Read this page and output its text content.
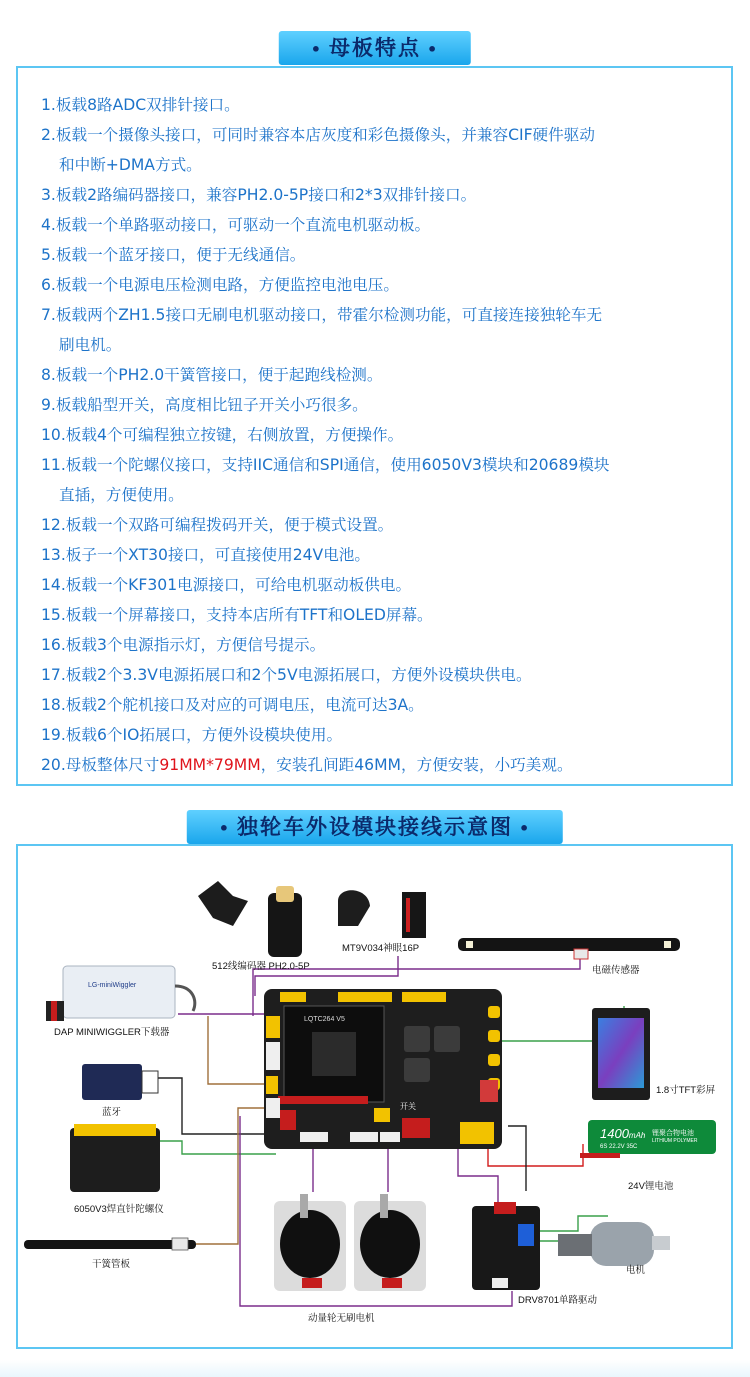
• 母板特点 •
1.板载8路ADC双排针接口。
2.板载一个摄像头接口，可同时兼容本店灰度和彩色摄像头，并兼容CIF硬件驱动
和中断+DMA方式。
3.板载2路编码器接口，兼容PH2.0-5P接口和2*3双排针接口。
4.板载一个单路驱动接口，可驱动一个直流电机驱动板。
5.板载一个蓝牙接口，便于无线通信。
6.板载一个电源电压检测电路，方便监控电池电压。
7.板载两个ZH1.5接口无刷电机驱动接口，带霍尔检测功能，可直接连接独轮车无
刷电机。
8.板载一个PH2.0干簧管接口，便于起跑线检测。
9.板载船型开关，高度相比钮子开关小巧很多。
10.板载4个可编程独立按键，右侧放置，方便操作。
11.板载一个陀螺仪接口，支持IIC通信和SPI通信，使用6050V3模块和20689模块
直插，方便使用。
12.板载一个双路可编程拨码开关，便于模式设置。
13.板子一个XT30接口，可直接使用24V电池。
14.板载一个KF301电源接口，可给电机驱动板供电。
15.板载一个屏幕接口，支持本店所有TFT和OLED屏幕。
16.板载3个电源指示灯，方便信号提示。
17.板载2个3.3V电源拓展口和2个5V电源拓展口，方便外设模块供电。
18.板载2个舵机接口及对应的可调电压，电流可达3A。
19.板载6个IO拓展口，方便外设模块使用。
20.母板整体尺寸91MM*79MM，安装孔间距46MM，方便安装，小巧美观。
• 独轮车外设模块接线示意图 •
LQTC264 V5
开关
LG-miniWiggler
1400mAh 锂聚合物电池
LITHIUM POLYMER
6S 22.2V 35C
512线编码器 PH2.0-5P
MT9V034神眼16P
电磁传感器
DAP MINIWIGGLER下载器
1.8寸TFT彩屏
蓝牙
24V锂电池
6050V3焊直针陀螺仪
干簧管板
电机
动量轮无刷电机
DRV8701单路驱动
